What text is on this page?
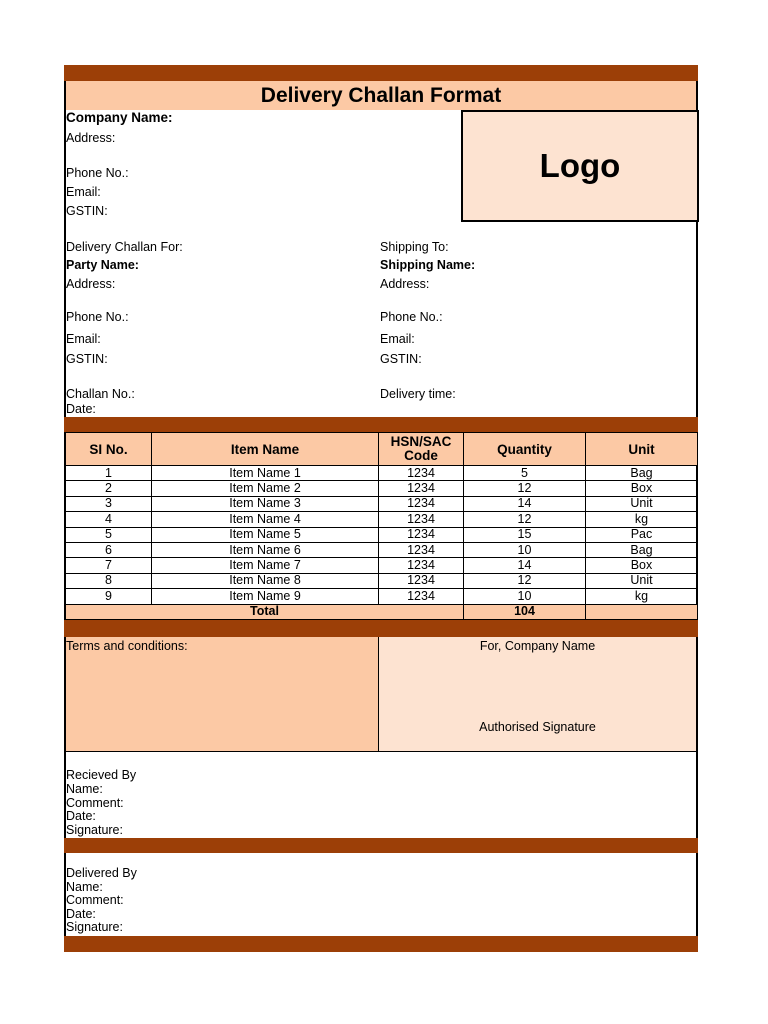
Delivery Challan Format
Logo
Company Name:
Address:
Phone No.:
Email:
GSTIN:
Delivery Challan For:
Party Name:
Address:
Phone No.:
Email:
GSTIN:
Shipping To:
Shipping Name:
Address:
Phone No.:
Email:
GSTIN:
Challan No.:
Date:
Delivery time:
SI No.	Item Name	HSN/SAC Code	Quantity	Unit
1	Item Name 1	1234	5	Bag
2	Item Name 2	1234	12	Box
3	Item Name 3	1234	14	Unit
4	Item Name 4	1234	12	kg
5	Item Name 5	1234	15	Pac
6	Item Name 6	1234	10	Bag
7	Item Name 7	1234	14	Box
8	Item Name 8	1234	12	Unit
9	Item Name 9	1234	10	kg
Total			104	
Terms and conditions:	For, Company Name
Authorised Signature
Recieved By
Name:
Comment:
Date:
Signature:
Delivered By
Name:
Comment:
Date:
Signature:
